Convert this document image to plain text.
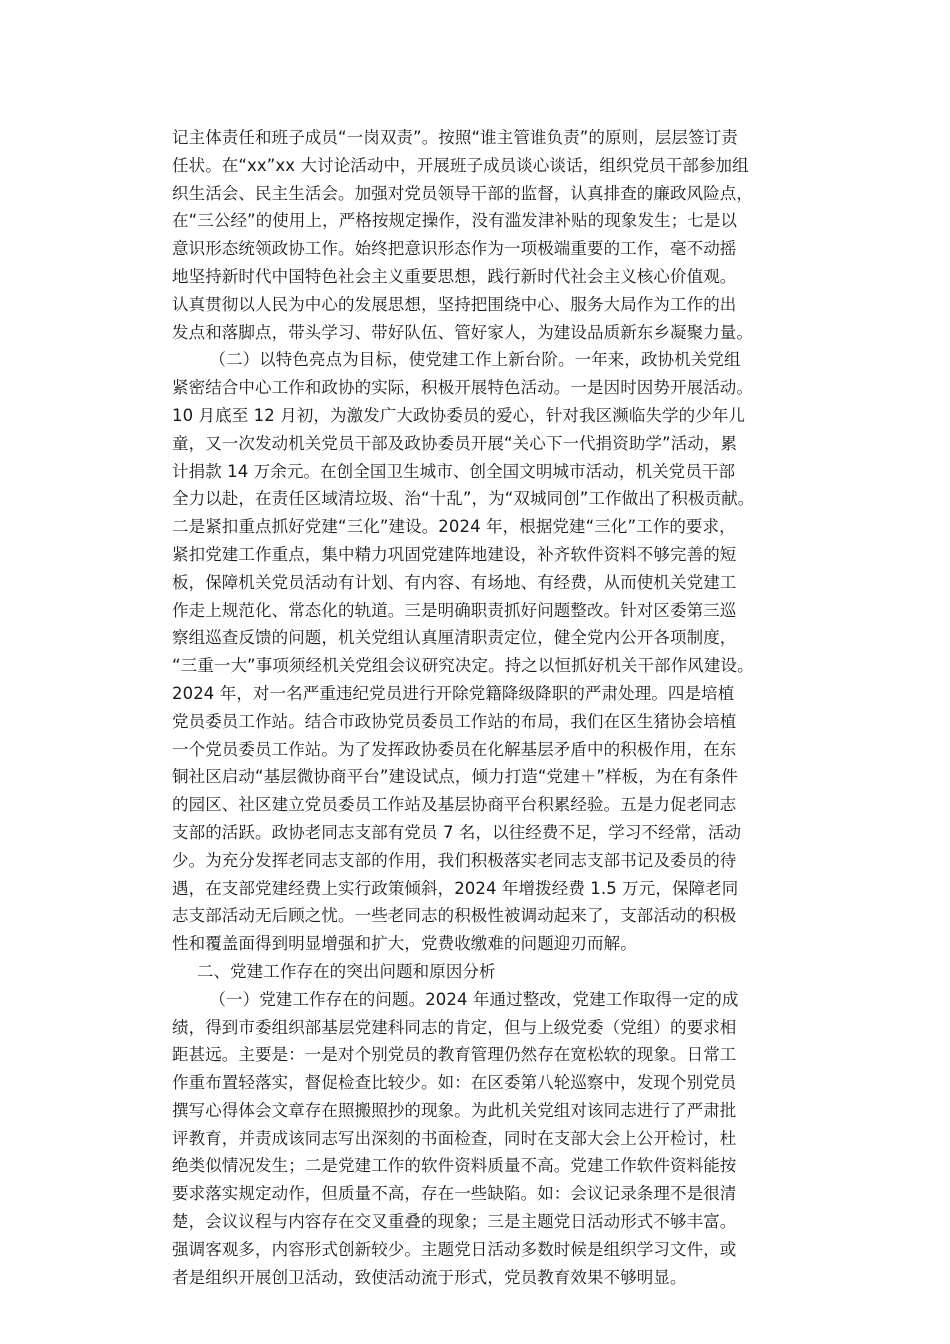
记主体责任和班子成员“一岗双责”。按照“谁主管谁负责”的原则，层层签订责
任状。在“xx”xx 大讨论活动中，开展班子成员谈心谈话，组织党员干部参加组
织生活会、民主生活会。加强对党员领导干部的监督，认真排查的廉政风险点，
在“三公经”的使用上，严格按规定操作，没有滥发津补贴的现象发生；七是以
意识形态统领政协工作。始终把意识形态作为一项极端重要的工作，毫不动摇
地坚持新时代中国特色社会主义重要思想，践行新时代社会主义核心价值观。
认真贯彻以人民为中心的发展思想，坚持把围绕中心、服务大局作为工作的出
发点和落脚点，带头学习、带好队伍、管好家人，为建设品质新东乡凝聚力量。
（二）以特色亮点为目标，使党建工作上新台阶。一年来，政协机关党组
紧密结合中心工作和政协的实际，积极开展特色活动。一是因时因势开展活动。
10 月底至 12 月初，为激发广大政协委员的爱心，针对我区濒临失学的少年儿
童，又一次发动机关党员干部及政协委员开展“关心下一代捐资助学”活动，累
计捐款 14 万余元。在创全国卫生城市、创全国文明城市活动，机关党员干部
全力以赴，在责任区域清垃圾、治“十乱”，为“双城同创”工作做出了积极贡献。
二是紧扣重点抓好党建“三化”建设。2024 年，根据党建“三化”工作的要求，
紧扣党建工作重点，集中精力巩固党建阵地建设，补齐软件资料不够完善的短
板，保障机关党员活动有计划、有内容、有场地、有经费，从而使机关党建工
作走上规范化、常态化的轨道。三是明确职责抓好问题整改。针对区委第三巡
察组巡查反馈的问题，机关党组认真厘清职责定位，健全党内公开各项制度，
“三重一大”事项须经机关党组会议研究决定。持之以恒抓好机关干部作风建设。
2024 年，对一名严重违纪党员进行开除党籍降级降职的严肃处理。四是培植
党员委员工作站。结合市政协党员委员工作站的布局，我们在区生猪协会培植
一个党员委员工作站。为了发挥政协委员在化解基层矛盾中的积极作用，在东
铜社区启动“基层微协商平台”建设试点，倾力打造“党建＋”样板，为在有条件
的园区、社区建立党员委员工作站及基层协商平台积累经验。五是力促老同志
支部的活跃。政协老同志支部有党员 7 名，以往经费不足，学习不经常，活动
少。为充分发挥老同志支部的作用，我们积极落实老同志支部书记及委员的待
遇，在支部党建经费上实行政策倾斜，2024 年增拨经费 1.5 万元，保障老同
志支部活动无后顾之忧。一些老同志的积极性被调动起来了，支部活动的积极
性和覆盖面得到明显增强和扩大，党费收缴难的问题迎刃而解。
二、党建工作存在的突出问题和原因分析
（一）党建工作存在的问题。2024 年通过整改，党建工作取得一定的成
绩，得到市委组织部基层党建科同志的肯定，但与上级党委（党组）的要求相
距甚远。主要是：一是对个别党员的教育管理仍然存在宽松软的现象。日常工
作重布置轻落实，督促检查比较少。如：在区委第八轮巡察中，发现个别党员
撰写心得体会文章存在照搬照抄的现象。为此机关党组对该同志进行了严肃批
评教育，并责成该同志写出深刻的书面检查，同时在支部大会上公开检讨，杜
绝类似情况发生；二是党建工作的软件资料质量不高。党建工作软件资料能按
要求落实规定动作，但质量不高，存在一些缺陷。如：会议记录条理不是很清
楚，会议议程与内容存在交叉重叠的现象；三是主题党日活动形式不够丰富。
强调客观多，内容形式创新较少。主题党日活动多数时候是组织学习文件，或
者是组织开展创卫活动，致使活动流于形式，党员教育效果不够明显。
